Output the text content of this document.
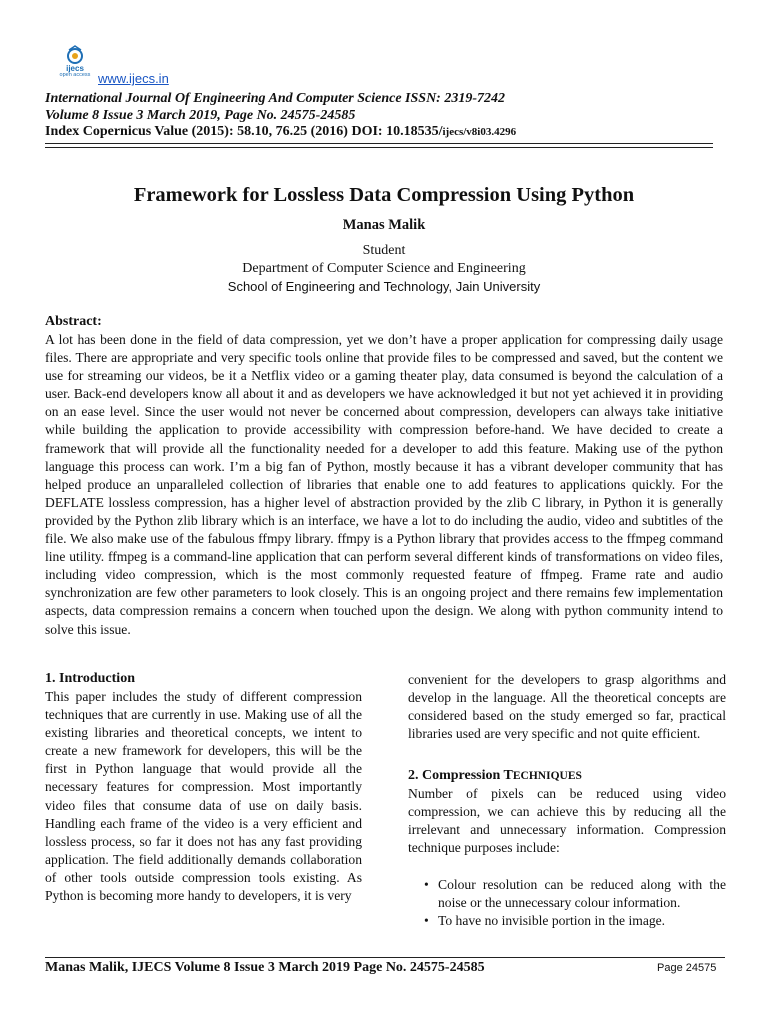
ijecs
open access www.ijecs.in
International Journal Of Engineering And Computer Science ISSN: 2319-7242
Volume 8 Issue 3 March 2019, Page No. 24575-24585
Index Copernicus Value (2015): 58.10, 76.25 (2016) DOI: 10.18535/ijecs/v8i03.4296
Framework for Lossless Data Compression Using Python
Manas Malik
Student
Department of Computer Science and Engineering
School of Engineering and Technology, Jain University
Abstract:

A lot has been done in the field of data compression, yet we don’t have a proper application for compressing daily usage files. There are appropriate and very specific tools online that provide files to be compressed and saved, but the content we use for streaming our videos, be it a Netflix video or a gaming theater play, data consumed is beyond the calculation of a user. Back-end developers know all about it and as developers we have acknowledged it but not yet achieved it in providing on an ease level. Since the user would not never be concerned about compression, developers can always take initiative while building the application to provide accessibility with compression before-hand. We have decided to create a framework that will provide all the functionality needed for a developer to add this feature. Making use of the python language this process can work. I’m a big fan of Python, mostly because it has a vibrant developer community that has helped produce an unparalleled collection of libraries that enable one to add features to applications quickly. For the DEFLATE lossless compression, has a higher level of abstraction provided by the zlib C library, in Python it is generally provided by the Python zlib library which is an interface, we have a lot to do including the audio, video and subtitles of the file. We also make use of the fabulous ffmpy library. ffmpy is a Python library that provides access to the ffmpeg command line utility. ffmpeg is a command-line application that can perform several different kinds of transformations on video files, including video compression, which is the most commonly requested feature of ffmpeg. Frame rate and audio synchronization are few other parameters to look closely. This is an ongoing project and there remains few implementation aspects, data compression remains a concern when touched upon the design. We along with python community intend to solve this issue.

1. Introduction

This paper includes the study of different compression techniques that are currently in use. Making use of all the existing libraries and theoretical concepts, we intent to create a new framework for developers, this will be the first in Python language that would provide all the necessary features for compression. Most importantly video files that consume data of use on daily basis. Handling each frame of the video is a very efficient and lossless process, so far it does not has any fast providing application. The field additionally demands collaboration of other tools outside compression tools existing. As Python is becoming more handy to developers, it is very

convenient for the developers to grasp algorithms and develop in the language. All the theoretical concepts are considered based on the study emerged so far, practical libraries used are very specific and not quite efficient.

2. Compression TECHNIQUES

Number of pixels can be reduced using video compression, we can achieve this by reducing all the irrelevant and unnecessary information. Compression technique purposes include:

• Colour resolution can be reduced along with the noise or the unnecessary colour information.
• To have no invisible portion in the image.
Manas Malik, IJECS Volume 8 Issue 3 March 2019 Page No. 24575-24585	Page 24575
